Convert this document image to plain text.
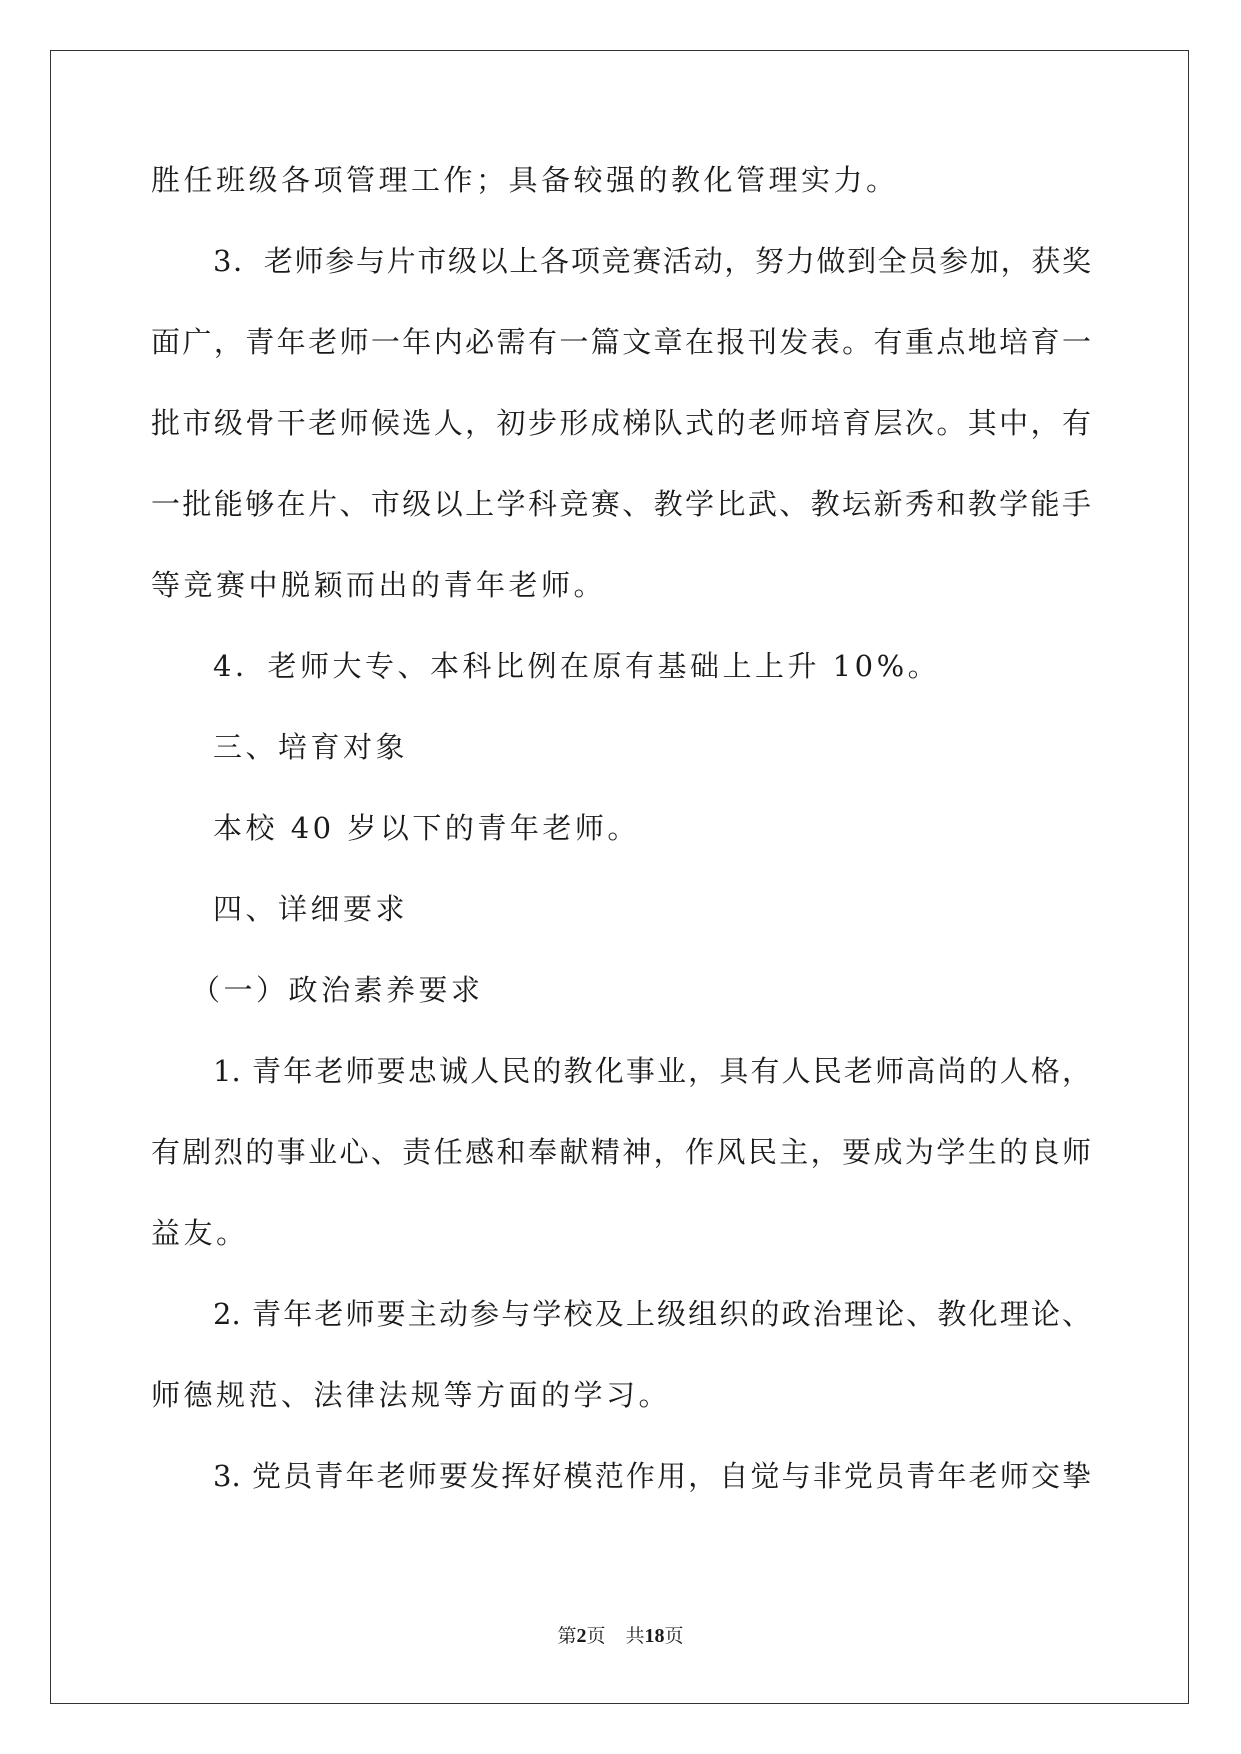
胜任班级各项管理工作；具备较强的教化管理实力。
3．老师参与片市级以上各项竞赛活动，努力做到全员参加，获奖
面广，青年老师一年内必需有一篇文章在报刊发表。有重点地培育一
批市级骨干老师候选人，初步形成梯队式的老师培育层次。其中，有
一批能够在片、市级以上学科竞赛、教学比武、教坛新秀和教学能手
等竞赛中脱颖而出的青年老师。
4．老师大专、本科比例在原有基础上上升 10%。
三、培育对象
本校 40 岁以下的青年老师。
四、详细要求
（一）政治素养要求
1. 青年老师要忠诚人民的教化事业，具有人民老师高尚的人格，
有剧烈的事业心、责任感和奉献精神，作风民主，要成为学生的良师
益友。
2. 青年老师要主动参与学校及上级组织的政治理论、教化理论、
师德规范、法律法规等方面的学习。
3. 党员青年老师要发挥好模范作用，自觉与非党员青年老师交挚
第2页 共18页
